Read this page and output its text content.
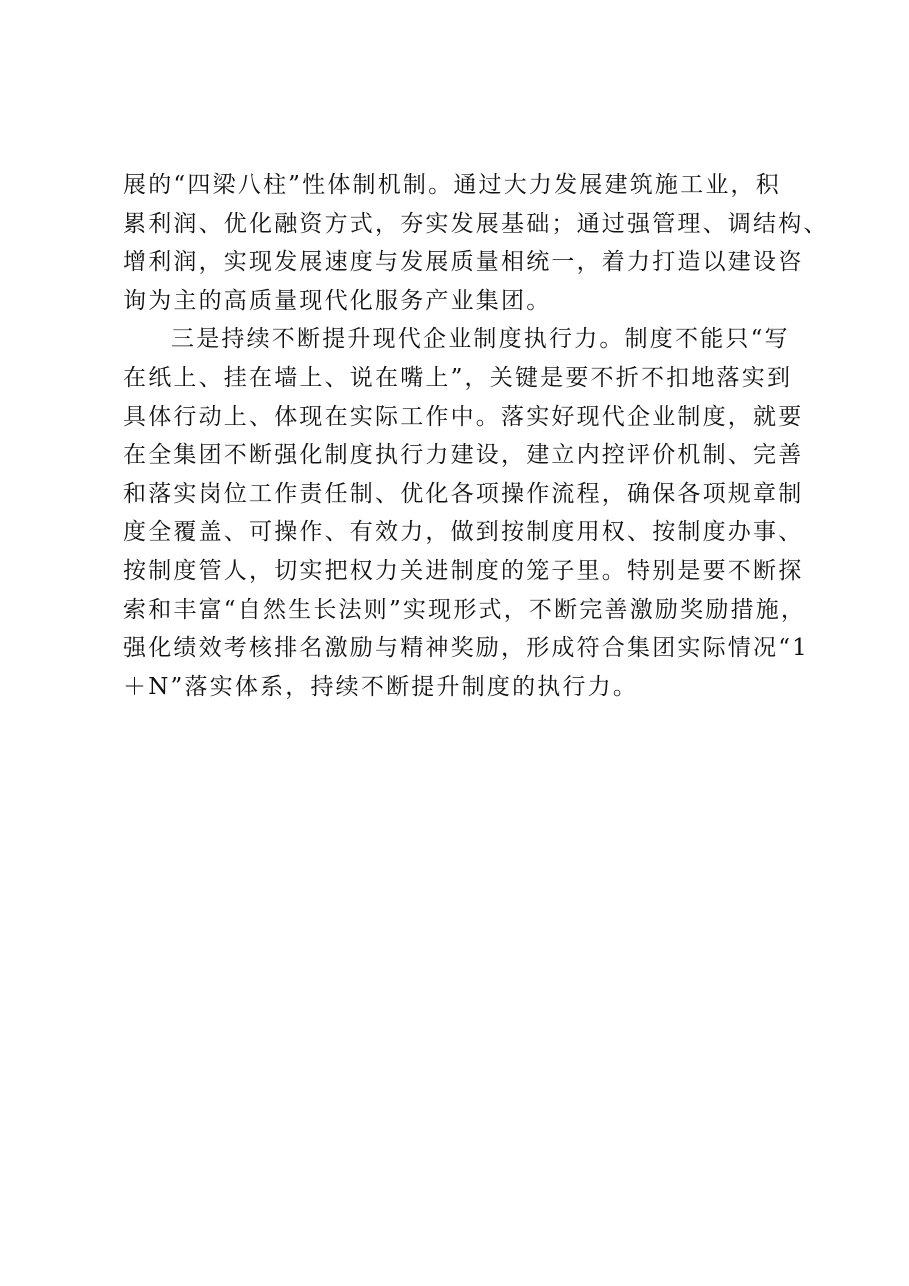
展的“四梁八柱”性体制机制。通过大力发展建筑施工业，积
累利润、优化融资方式，夯实发展基础；通过强管理、调结构、
增利润，实现发展速度与发展质量相统一，着力打造以建设咨
询为主的高质量现代化服务产业集团。
三是持续不断提升现代企业制度执行力。制度不能只“写
在纸上、挂在墙上、说在嘴上”，关键是要不折不扣地落实到
具体行动上、体现在实际工作中。落实好现代企业制度，就要
在全集团不断强化制度执行力建设，建立内控评价机制、完善
和落实岗位工作责任制、优化各项操作流程，确保各项规章制
度全覆盖、可操作、有效力，做到按制度用权、按制度办事、
按制度管人，切实把权力关进制度的笼子里。特别是要不断探
索和丰富“自然生长法则”实现形式，不断完善激励奖励措施，
强化绩效考核排名激励与精神奖励，形成符合集团实际情况“1
＋N”落实体系，持续不断提升制度的执行力。
